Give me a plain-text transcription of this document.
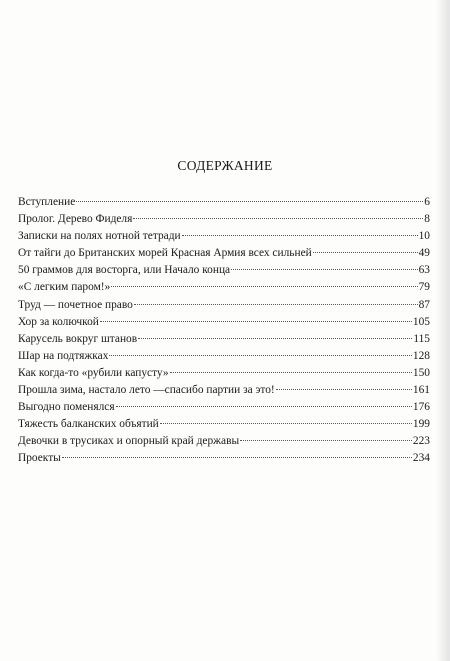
СОДЕРЖАНИЕ
Вступление	6
Пролог. Дерево Фиделя	8
Записки на полях нотной тетради	10
От тайги до Британских морей Красная Армия всех сильней	49
50 граммов для восторга, или Начало конца	63
«С легким паром!»	79
Труд — почетное право	87
Хор за колючкой	105
Карусель вокруг штанов	115
Шар на подтяжках	128
Как когда-то «рубили капусту»	150
Прошла зима, настало лето —спасибо партии за это!	161
Выгодно поменялся	176
Тяжесть балканских объятий	199
Девочки в трусиках и опорный край державы	223
Проекты	234
